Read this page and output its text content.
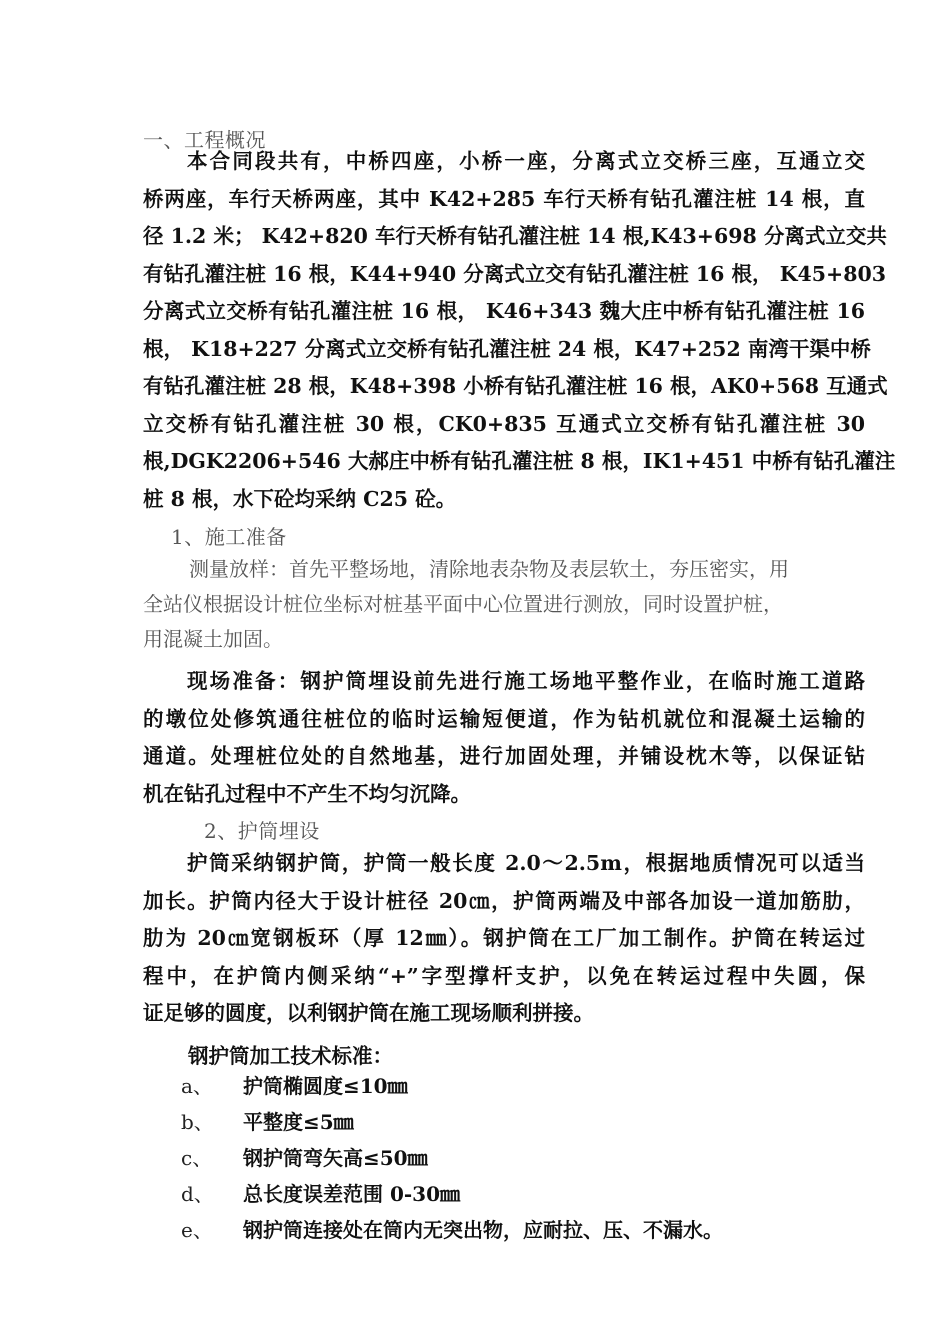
一、工程概况
本合同段共有，中桥四座，小桥一座，分离式立交桥三座，互通立交
桥两座，车行天桥两座，其中 K42+285 车行天桥有钻孔灌注桩 14 根，直
径 1.2 米； K42+820 车行天桥有钻孔灌注桩 14 根,K43+698 分离式立交共
有钻孔灌注桩 16 根，K44+940 分离式立交有钻孔灌注桩 16 根， K45+803
分离式立交桥有钻孔灌注桩 16 根， K46+343 魏大庄中桥有钻孔灌注桩 16
根， K18+227 分离式立交桥有钻孔灌注桩 24 根，K47+252 南湾干渠中桥
有钻孔灌注桩 28 根，K48+398 小桥有钻孔灌注桩 16 根，AK0+568 互通式
立交桥有钻孔灌注桩 30 根，CK0+835 互通式立交桥有钻孔灌注桩 30
根,DGK2206+546 大郝庄中桥有钻孔灌注桩 8 根，IK1+451 中桥有钻孔灌注
桩 8 根，水下砼均采纳 C25 砼。
1、施工准备
测量放样：首先平整场地，清除地表杂物及表层软土，夯压密实，用
全站仪根据设计桩位坐标对桩基平面中心位置进行测放，同时设置护桩，
用混凝土加固。
现场准备：钢护筒埋设前先进行施工场地平整作业，在临时施工道路
的墩位处修筑通往桩位的临时运输短便道，作为钻机就位和混凝土运输的
通道。处理桩位处的自然地基，进行加固处理，并铺设枕木等，以保证钻
机在钻孔过程中不产生不均匀沉降。
2、护筒埋设
护筒采纳钢护筒，护筒一般长度 2.0～2.5m，根据地质情况可以适当
加长。护筒内径大于设计桩径 20㎝，护筒两端及中部各加设一道加筋肋，
肋为 20㎝宽钢板环（厚 12㎜）。钢护筒在工厂加工制作。护筒在转运过
程中，在护筒内侧采纳“+”字型撑杆支护，以免在转运过程中失圆，保
证足够的圆度，以利钢护筒在施工现场顺利拼接。
钢护筒加工技术标准：
a、 护筒椭圆度≤10㎜
b、 平整度≤5㎜
c、 钢护筒弯矢高≤50㎜
d、 总长度误差范围 0-30㎜
e、 钢护筒连接处在筒内无突出物，应耐拉、压、不漏水。
